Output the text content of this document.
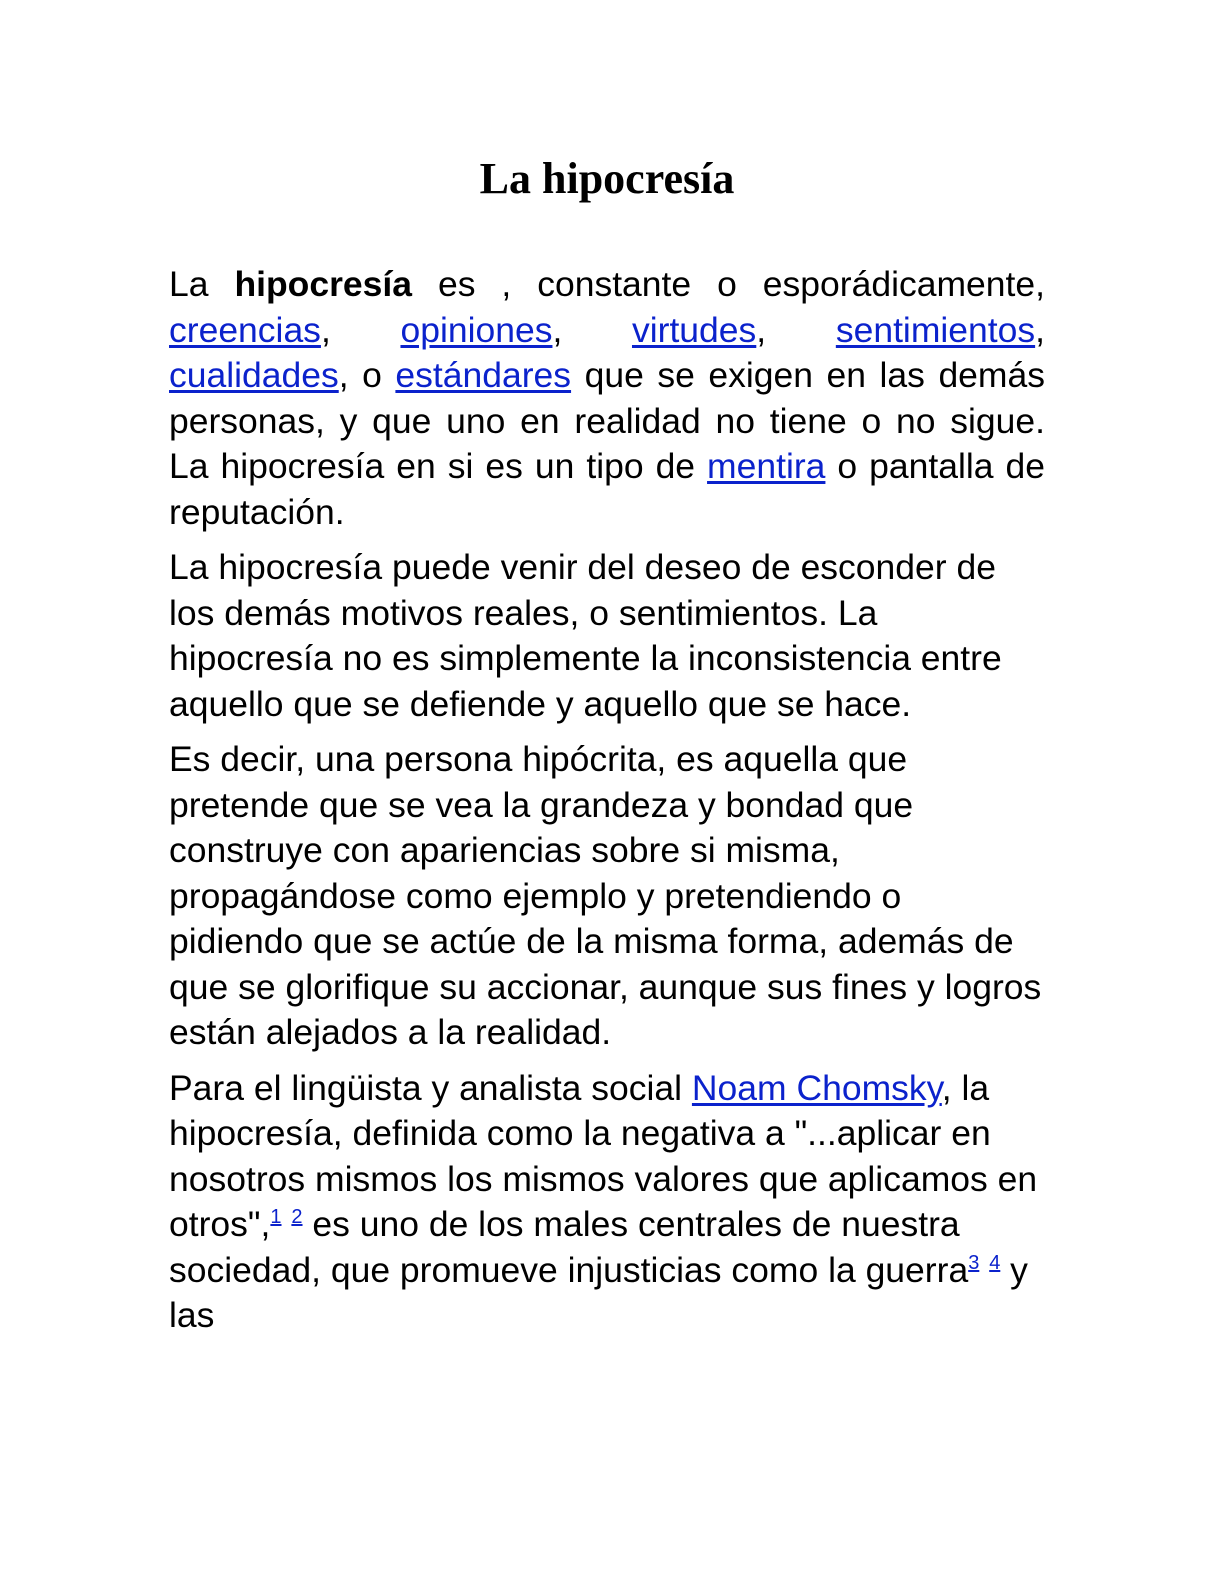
La hipocresía

La hipocresía es , constante o esporádicamente, creencias, opiniones, virtudes, sentimientos, cualidades, o estándares que se exigen en las demás personas, y que uno en realidad no tiene o no sigue. La hipocresía en si es un tipo de mentira o pantalla de reputación.

La hipocresía puede venir del deseo de esconder de los demás motivos reales, o sentimientos. La hipocresía no es simplemente la inconsistencia entre aquello que se defiende y aquello que se hace.

Es decir, una persona hipócrita, es aquella que pretende que se vea la grandeza y bondad que construye con apariencias sobre si misma, propagándose como ejemplo y pretendiendo o pidiendo que se actúe de la misma forma, además de que se glorifique su accionar, aunque sus fines y logros están alejados a la realidad.

Para el lingüista y analista social Noam Chomsky, la hipocresía, definida como la negativa a "...aplicar en nosotros mismos los mismos valores que aplicamos en otros",$^1$ $^2$ es uno de los males centrales de nuestra sociedad, que promueve injusticias como la guerra$^3$ $^4$ y las
